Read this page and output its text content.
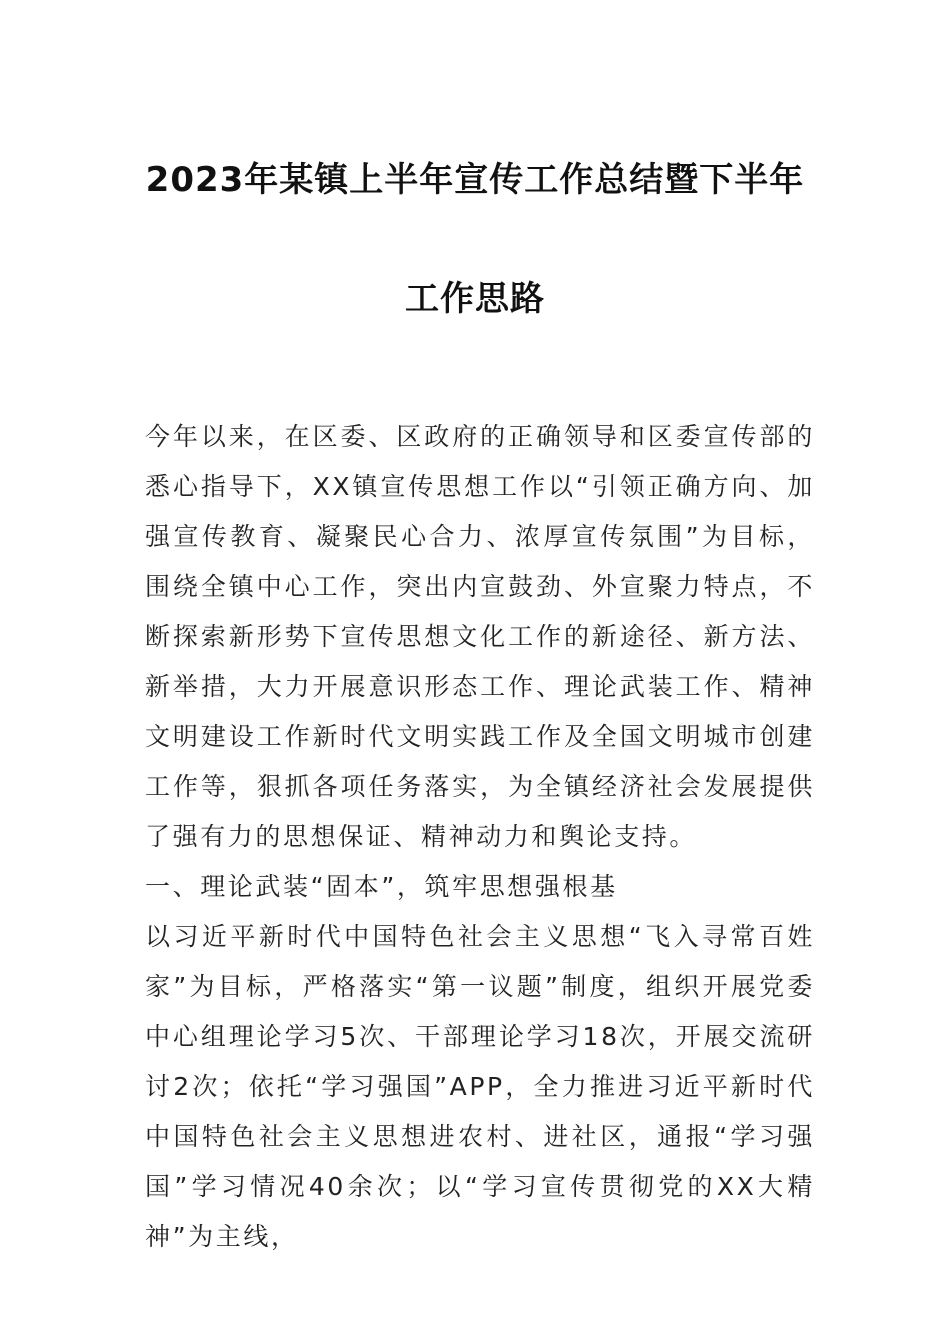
2023年某镇上半年宣传工作总结暨下半年
工作思路

今年以来，在区委、区政府的正确领导和区委宣传部的悉心指导下，XX镇宣传思想工作以“引领正确方向、加强宣传教育、凝聚民心合力、浓厚宣传氛围”为目标，围绕全镇中心工作，突出内宣鼓劲、外宣聚力特点，不断探索新形势下宣传思想文化工作的新途径、新方法、新举措，大力开展意识形态工作、理论武装工作、精神文明建设工作新时代文明实践工作及全国文明城市创建工作等，狠抓各项任务落实，为全镇经济社会发展提供了强有力的思想保证、精神动力和舆论支持。

一、理论武装“固本”，筑牢思想强根基

以习近平新时代中国特色社会主义思想“飞入寻常百姓家”为目标，严格落实“第一议题”制度，组织开展党委中心组理论学习5次、干部理论学习18次，开展交流研讨2次；依托“学习强国”APP，全力推进习近平新时代中国特色社会主义思想进农村、进社区，通报“学习强国”学习情况40余次；以“学习宣传贯彻党的XX大精神”为主线，
